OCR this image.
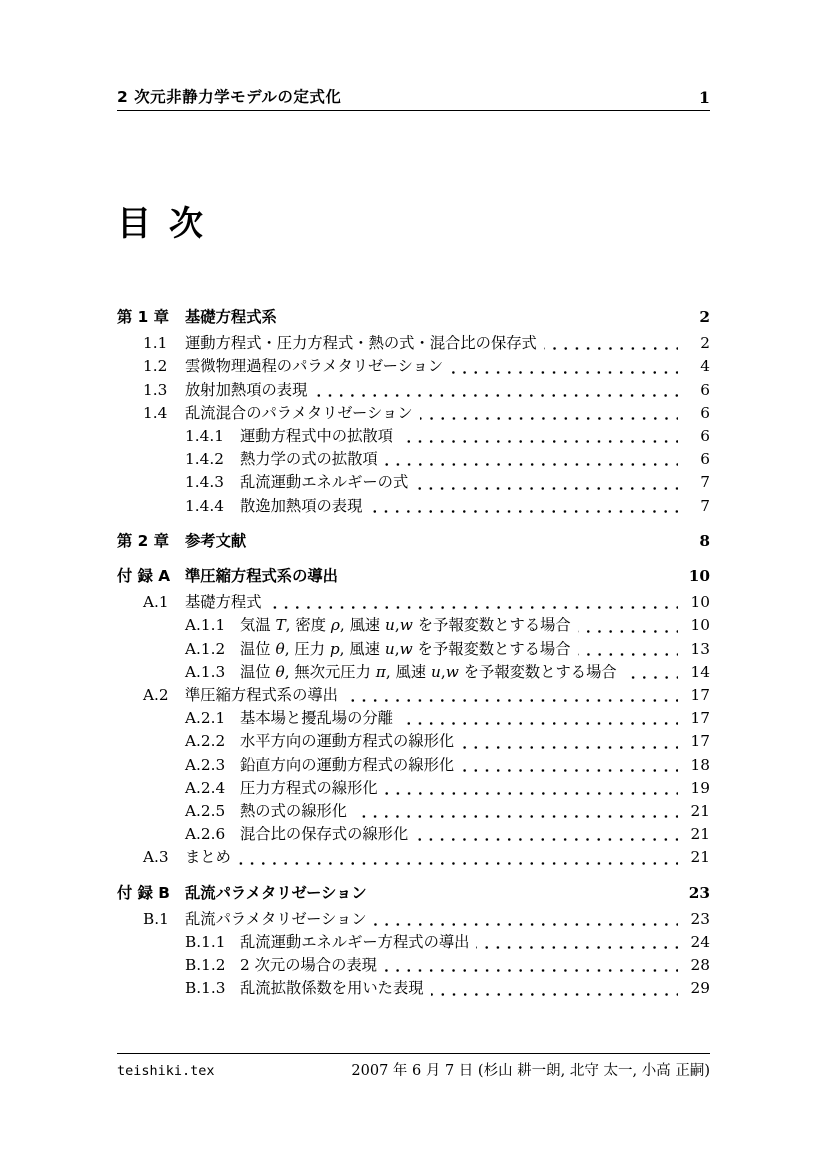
2 次元非静力学モデルの定式化	1
目 次
第 1 章	基礎方程式系	2
1.1	運動方程式・圧力方程式・熱の式・混合比の保存式	2
1.2	雲微物理過程のパラメタリゼーション	4
1.3	放射加熱項の表現	6
1.4	乱流混合のパラメタリゼーション	6
1.4.1	運動方程式中の拡散項	6
1.4.2	熱力学の式の拡散項	6
1.4.3	乱流運動エネルギーの式	7
1.4.4	散逸加熱項の表現	7
第 2 章	参考文献	8
付 録 A 準圧縮方程式系の導出	10
A.1	基礎方程式	10
A.1.1 気温 T, 密度 ρ, 風速 u,w を予報変数とする場合	10
A.1.2 温位 θ, 圧力 p, 風速 u,w を予報変数とする場合	13
A.1.3 温位 θ, 無次元圧力 π, 風速 u,w を予報変数とする場合	14
A.2	準圧縮方程式系の導出	17
A.2.1 基本場と擾乱場の分離	17
A.2.2 水平方向の運動方程式の線形化	17
A.2.3 鉛直方向の運動方程式の線形化	18
A.2.4 圧力方程式の線形化	19
A.2.5 熱の式の線形化	21
A.2.6 混合比の保存式の線形化	21
A.3	まとめ	21
付 録 B 乱流パラメタリゼーション	23
B.1	乱流パラメタリゼーション	23
B.1.1 乱流運動エネルギー方程式の導出	24
B.1.2 2 次元の場合の表現	28
B.1.3 乱流拡散係数を用いた表現	29
teishiki.tex	2007 年 6 月 7 日 (杉山 耕一朗, 北守 太一, 小高 正嗣)
